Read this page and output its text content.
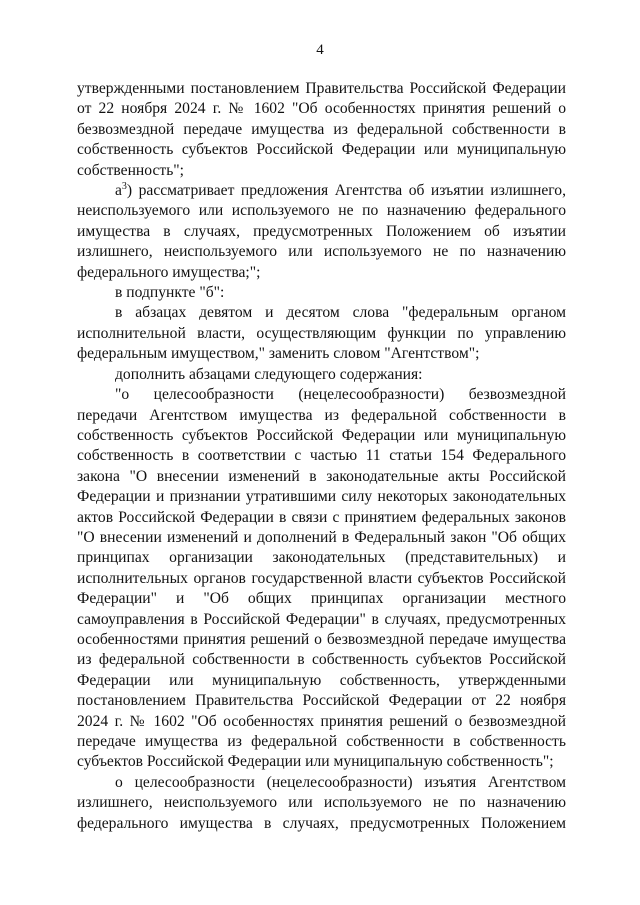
4

утвержденными постановлением Правительства Российской Федерации от 22 ноября 2024 г. № 1602 "Об особенностях принятия решений о безвозмездной передаче имущества из федеральной собственности в собственность субъектов Российской Федерации или муниципальную собственность";

$а^3$) рассматривает предложения Агентства об изъятии излишнего, неиспользуемого или используемого не по назначению федерального имущества в случаях, предусмотренных Положением об изъятии излишнего, неиспользуемого или используемого не по назначению федерального имущества;";

в подпункте "б":

в абзацах девятом и десятом слова "федеральным органом исполнительной власти, осуществляющим функции по управлению федеральным имуществом," заменить словом "Агентством";

дополнить абзацами следующего содержания:

"о целесообразности (нецелесообразности) безвозмездной передачи Агентством имущества из федеральной собственности в собственность субъектов Российской Федерации или муниципальную собственность в соответствии с частью 11 статьи 154 Федерального закона "О внесении изменений в законодательные акты Российской Федерации и признании утратившими силу некоторых законодательных актов Российской Федерации в связи с принятием федеральных законов "О внесении изменений и дополнений в Федеральный закон "Об общих принципах организации законодательных (представительных) и исполнительных органов государственной власти субъектов Российской Федерации" и "Об общих принципах организации местного самоуправления в Российской Федерации" в случаях, предусмотренных особенностями принятия решений о безвозмездной передаче имущества из федеральной собственности в собственность субъектов Российской Федерации или муниципальную собственность, утвержденными постановлением Правительства Российской Федерации от 22 ноября 2024 г. № 1602 "Об особенностях принятия решений о безвозмездной передаче имущества из федеральной собственности в собственность субъектов Российской Федерации или муниципальную собственность";

о целесообразности (нецелесообразности) изъятия Агентством излишнего, неиспользуемого или используемого не по назначению федерального имущества в случаях, предусмотренных Положением
